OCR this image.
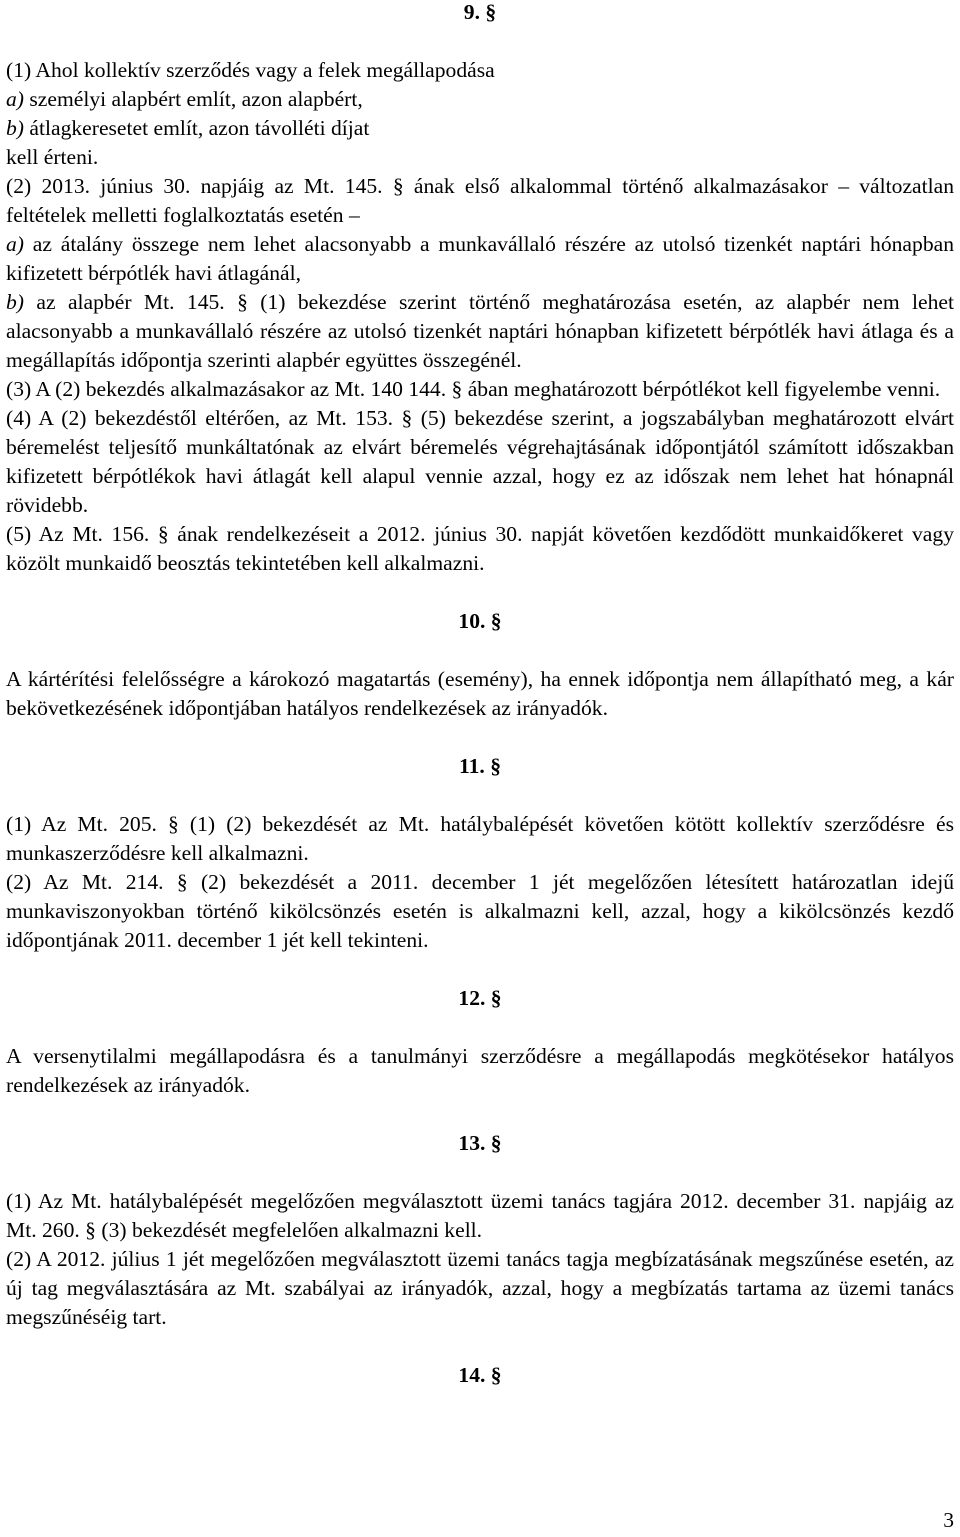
9. §

(1) Ahol kollektív szerződés vagy a felek megállapodása

a) személyi alapbért említ, azon alapbért,

b) átlagkeresetet említ, azon távolléti díjat

kell érteni.

(2) 2013. június 30. napjáig az Mt. 145. § ának első alkalommal történő alkalmazásakor – változatlan feltételek melletti foglalkoztatás esetén –

a) az átalány összege nem lehet alacsonyabb a munkavállaló részére az utolsó tizenkét naptári hónapban kifizetett bérpótlék havi átlagánál,

b) az alapbér Mt. 145. § (1) bekezdése szerint történő meghatározása esetén, az alapbér nem lehet alacsonyabb a munkavállaló részére az utolsó tizenkét naptári hónapban kifizetett bérpótlék havi átlaga és a megállapítás időpontja szerinti alapbér együttes összegénél.

(3) A (2) bekezdés alkalmazásakor az Mt. 140 144. § ában meghatározott bérpótlékot kell figyelembe venni.

(4) A (2) bekezdéstől eltérően, az Mt. 153. § (5) bekezdése szerint, a jogszabályban meghatározott elvárt béremelést teljesítő munkáltatónak az elvárt béremelés végrehajtásának időpontjától számított időszakban kifizetett bérpótlékok havi átlagát kell alapul vennie azzal, hogy ez az időszak nem lehet hat hónapnál rövidebb.

(5) Az Mt. 156. § ának rendelkezéseit a 2012. június 30. napját követően kezdődött munkaidőkeret vagy közölt munkaidő beosztás tekintetében kell alkalmazni.

10. §

A kártérítési felelősségre a károkozó magatartás (esemény), ha ennek időpontja nem állapítható meg, a kár bekövetkezésének időpontjában hatályos rendelkezések az irányadók.

11. §

(1) Az Mt. 205. § (1) (2) bekezdését az Mt. hatálybalépését követően kötött kollektív szerződésre és munkaszerződésre kell alkalmazni.

(2) Az Mt. 214. § (2) bekezdését a 2011. december 1 jét megelőzően létesített határozatlan idejű munkaviszonyokban történő kikölcsönzés esetén is alkalmazni kell, azzal, hogy a kikölcsönzés kezdő időpontjának 2011. december 1 jét kell tekinteni.

12. §

A versenytilalmi megállapodásra és a tanulmányi szerződésre a megállapodás megkötésekor hatályos rendelkezések az irányadók.

13. §

(1) Az Mt. hatálybalépését megelőzően megválasztott üzemi tanács tagjára 2012. december 31. napjáig az Mt. 260. § (3) bekezdését megfelelően alkalmazni kell.

(2) A 2012. július 1 jét megelőzően megválasztott üzemi tanács tagja megbízatásának megszűnése esetén, az új tag megválasztására az Mt. szabályai az irányadók, azzal, hogy a megbízatás tartama az üzemi tanács megszűnéséig tart.

14. §
3
